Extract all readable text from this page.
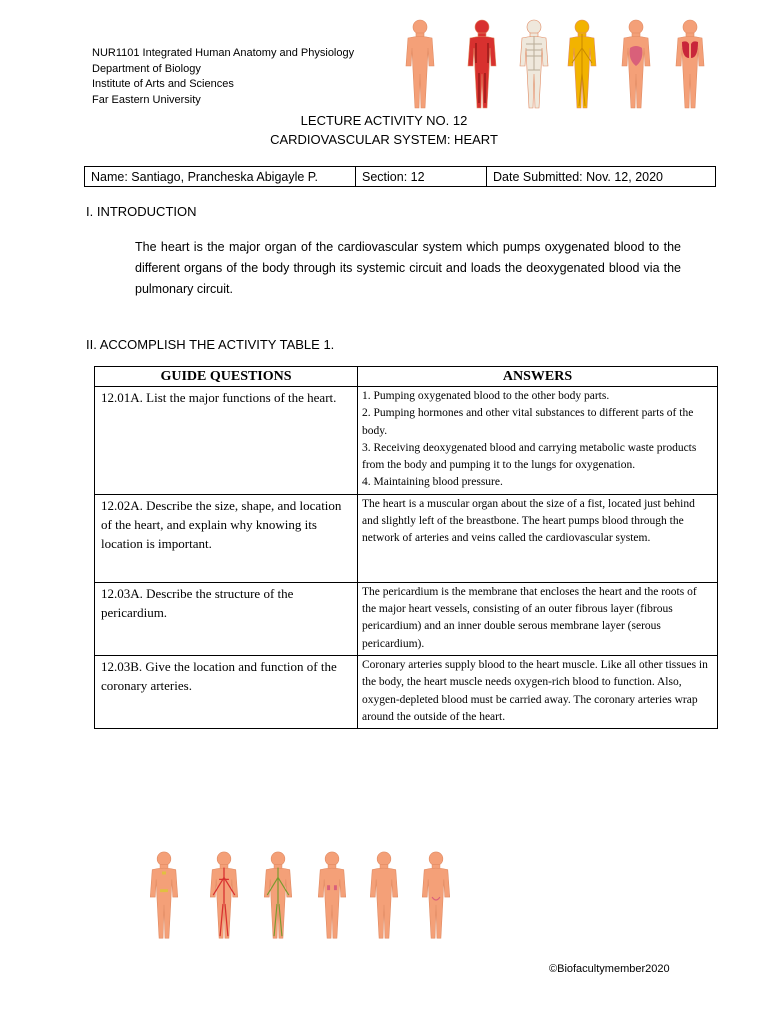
NUR1101 Integrated Human Anatomy and Physiology
Department of Biology
Institute of Arts and Sciences
Far Eastern University
LECTURE ACTIVITY NO. 12
CARDIOVASCULAR SYSTEM: HEART
Name: Santiago, Prancheska Abigayle P.	Section: 12	Date Submitted: Nov. 12, 2020
I. INTRODUCTION
The heart is the major organ of the cardiovascular system which pumps oxygenated blood to the different organs of the body through its systemic circuit and loads the deoxygenated blood via the pulmonary circuit.
II. ACCOMPLISH THE ACTIVITY TABLE 1.
GUIDE QUESTIONS	ANSWERS
12.01A. List the major functions of the heart.	1. Pumping oxygenated blood to the other body parts.
2. Pumping hormones and other vital substances to different parts of the body.
3. Receiving deoxygenated blood and carrying metabolic waste products from the body and pumping it to the lungs for oxygenation.
4. Maintaining blood pressure.

12.02A. Describe the size, shape, and location of the heart, and explain why knowing its location is important.	The heart is a muscular organ about the size of a fist, located just behind and slightly left of the breastbone. The heart pumps blood through the network of arteries and veins called the cardiovascular system.

12.03A. Describe the structure of the pericardium.	The pericardium is the membrane that encloses the heart and the roots of the major heart vessels, consisting of an outer fibrous layer (fibrous pericardium) and an inner double serous membrane layer (serous pericardium).

12.03B. Give the location and function of the coronary arteries.	Coronary arteries supply blood to the heart muscle. Like all other tissues in the body, the heart muscle needs oxygen-rich blood to function. Also, oxygen-depleted blood must be carried away. The coronary arteries wrap around the outside of the heart.
©Biofacultymember2020
